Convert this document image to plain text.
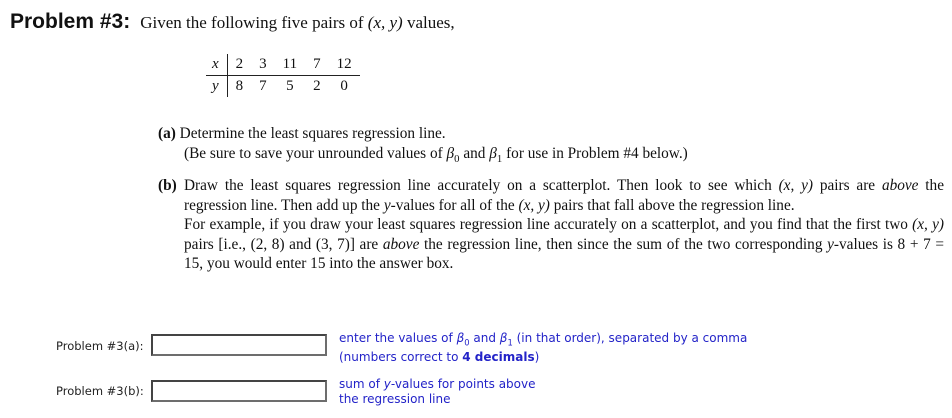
Problem #3: Given the following five pairs of (x, y) values,
x	2	3	11	7	12
y	8	7	5	2	0
(a) Determine the least squares regression line.
(Be sure to save your unrounded values of $\beta_0$ and $\beta_1$ for use in Problem #4 below.)
(b) Draw the least squares regression line accurately on a scatterplot. Then look to see which (x, y) pairs are above the regression line. Then add up the y-values for all of the (x, y) pairs that fall above the regression line.
For example, if you draw your least squares regression line accurately on a scatterplot, and you find that the first two (x, y) pairs [i.e., (2, 8) and (3, 7)] are above the regression line, then since the sum of the two corresponding y-values is 8 + 7 = 15, you would enter 15 into the answer box.
Problem #3(a):
enter the values of $\beta_0$ and $\beta_1$ (in that order), separated by a comma
(numbers correct to 4 decimals)
Problem #3(b):	sum of y-values for points above
the regression line
